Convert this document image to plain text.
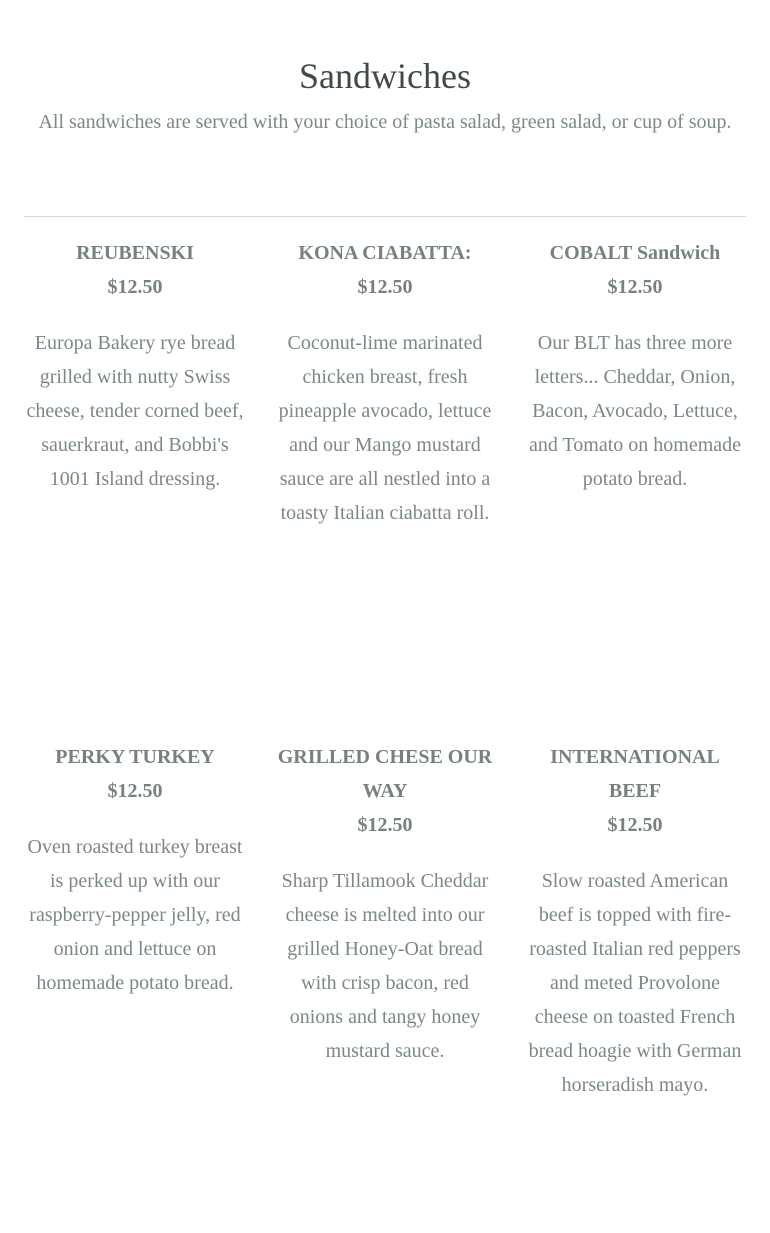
Sandwiches

All sandwiches are served with your choice of pasta salad, green salad, or cup of soup.

REUBENSKI

$12.50

Europa Bakery rye bread grilled with nutty Swiss cheese, tender corned beef, sauerkraut, and Bobbi's 1001 Island dressing.

KONA CIABATTA:

$12.50

Coconut-lime marinated chicken breast, fresh pineapple avocado, lettuce and our Mango mustard sauce are all nestled into a toasty Italian ciabatta roll.

COBALT Sandwich

$12.50

Our BLT has three more letters... Cheddar, Onion, Bacon, Avocado, Lettuce, and Tomato on homemade potato bread.

PERKY TURKEY

$12.50

Oven roasted turkey breast is perked up with our raspberry-pepper jelly, red onion and lettuce on homemade potato bread.

GRILLED CHESE OUR WAY

$12.50

Sharp Tillamook Cheddar cheese is melted into our grilled Honey-Oat bread with crisp bacon, red onions and tangy honey mustard sauce.

INTERNATIONAL BEEF

$12.50

Slow roasted American beef is topped with fire-roasted Italian red peppers and meted Provolone cheese on toasted French bread hoagie with German horseradish mayo.
